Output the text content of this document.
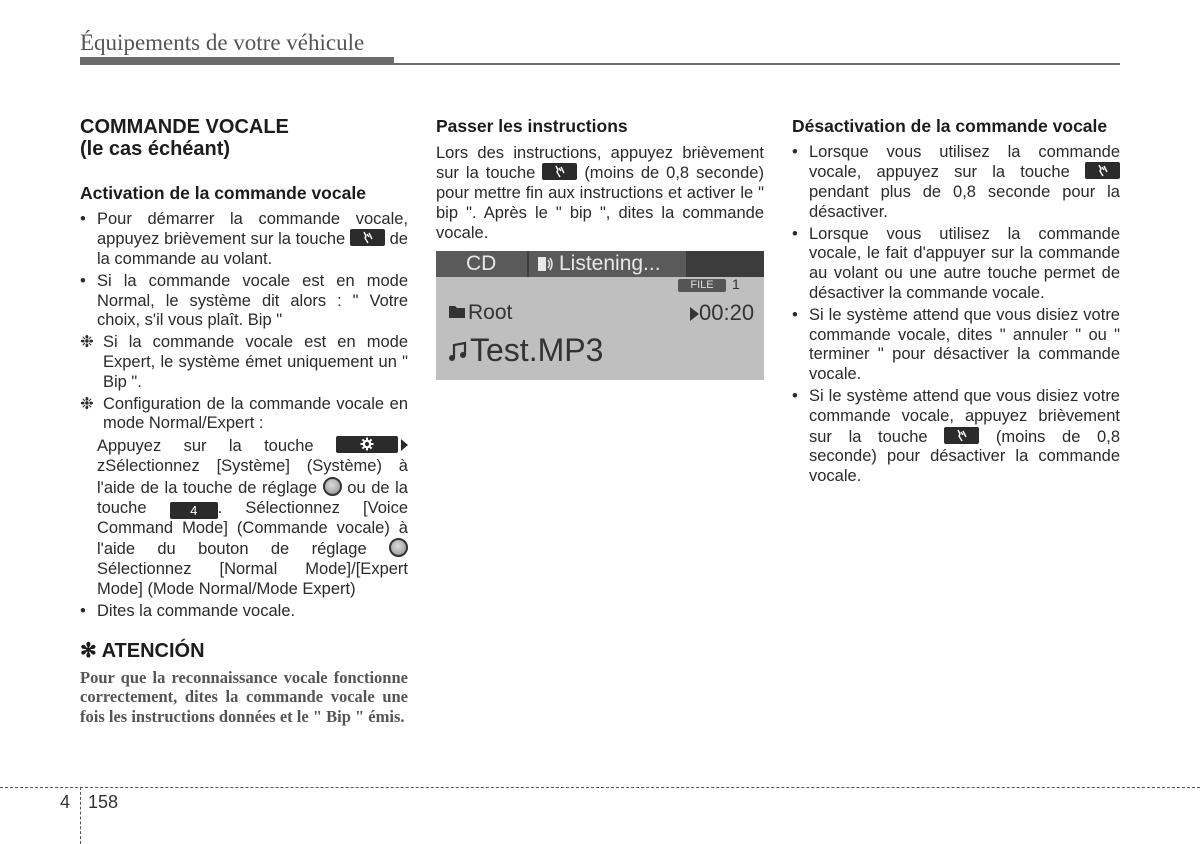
Équipements de votre véhicule
COMMANDE VOCALE
(le cas échéant)
Activation de la commande vocale
• Pour démarrer la commande vocale, appuyez brièvement sur la touche	de la commande au volant.
• Si la commande vocale est en mode Normal, le système dit alors : " Votre choix, s'il vous plaît. Bip "
❉ Si la commande vocale est en mode Expert, le système émet uniquement un " Bip ".
❉ Configuration de la commande vocale en mode Normal/Expert :
Appuyez sur la touche
zSélectionnez [Système] (Système) à l'aide de la touche de réglage ou de la touche	4 . Sélectionnez [Voice Command Mode] (Commande vocale) à l'aide du bouton de réglage  Sélectionnez [Normal Mode]/[Expert Mode] (Mode Normal/Mode Expert)
• Dites la commande vocale.
✻ ATENCIÓN
Pour que la reconnaissance vocale fonctionne correctement, dites la commande vocale une fois les instructions données et le " Bip " émis.
Passer les instructions

Lors des instructions, appuyez brièvement sur la touche	(moins de 0,8 seconde) pour mettre fin aux instructions et activer le " bip ". Après le " bip ", dites la commande vocale.

CD	Listening...
FILE	1
Root	00:20
Test.MP3
Désactivation de la commande vocale
• Lorsque vous utilisez la commande vocale, appuyez sur la touche
pendant plus de 0,8 seconde pour la désactiver.
• Lorsque vous utilisez la commande vocale, le fait d'appuyer sur la commande au volant ou une autre touche permet de désactiver la commande vocale.
• Si le système attend que vous disiez votre commande vocale, dites " annuler " ou " terminer " pour désactiver la commande vocale.
• Si le système attend que vous disiez votre commande vocale, appuyez brièvement sur la touche	(moins de 0,8 seconde) pour désactiver la commande vocale.
4 158
